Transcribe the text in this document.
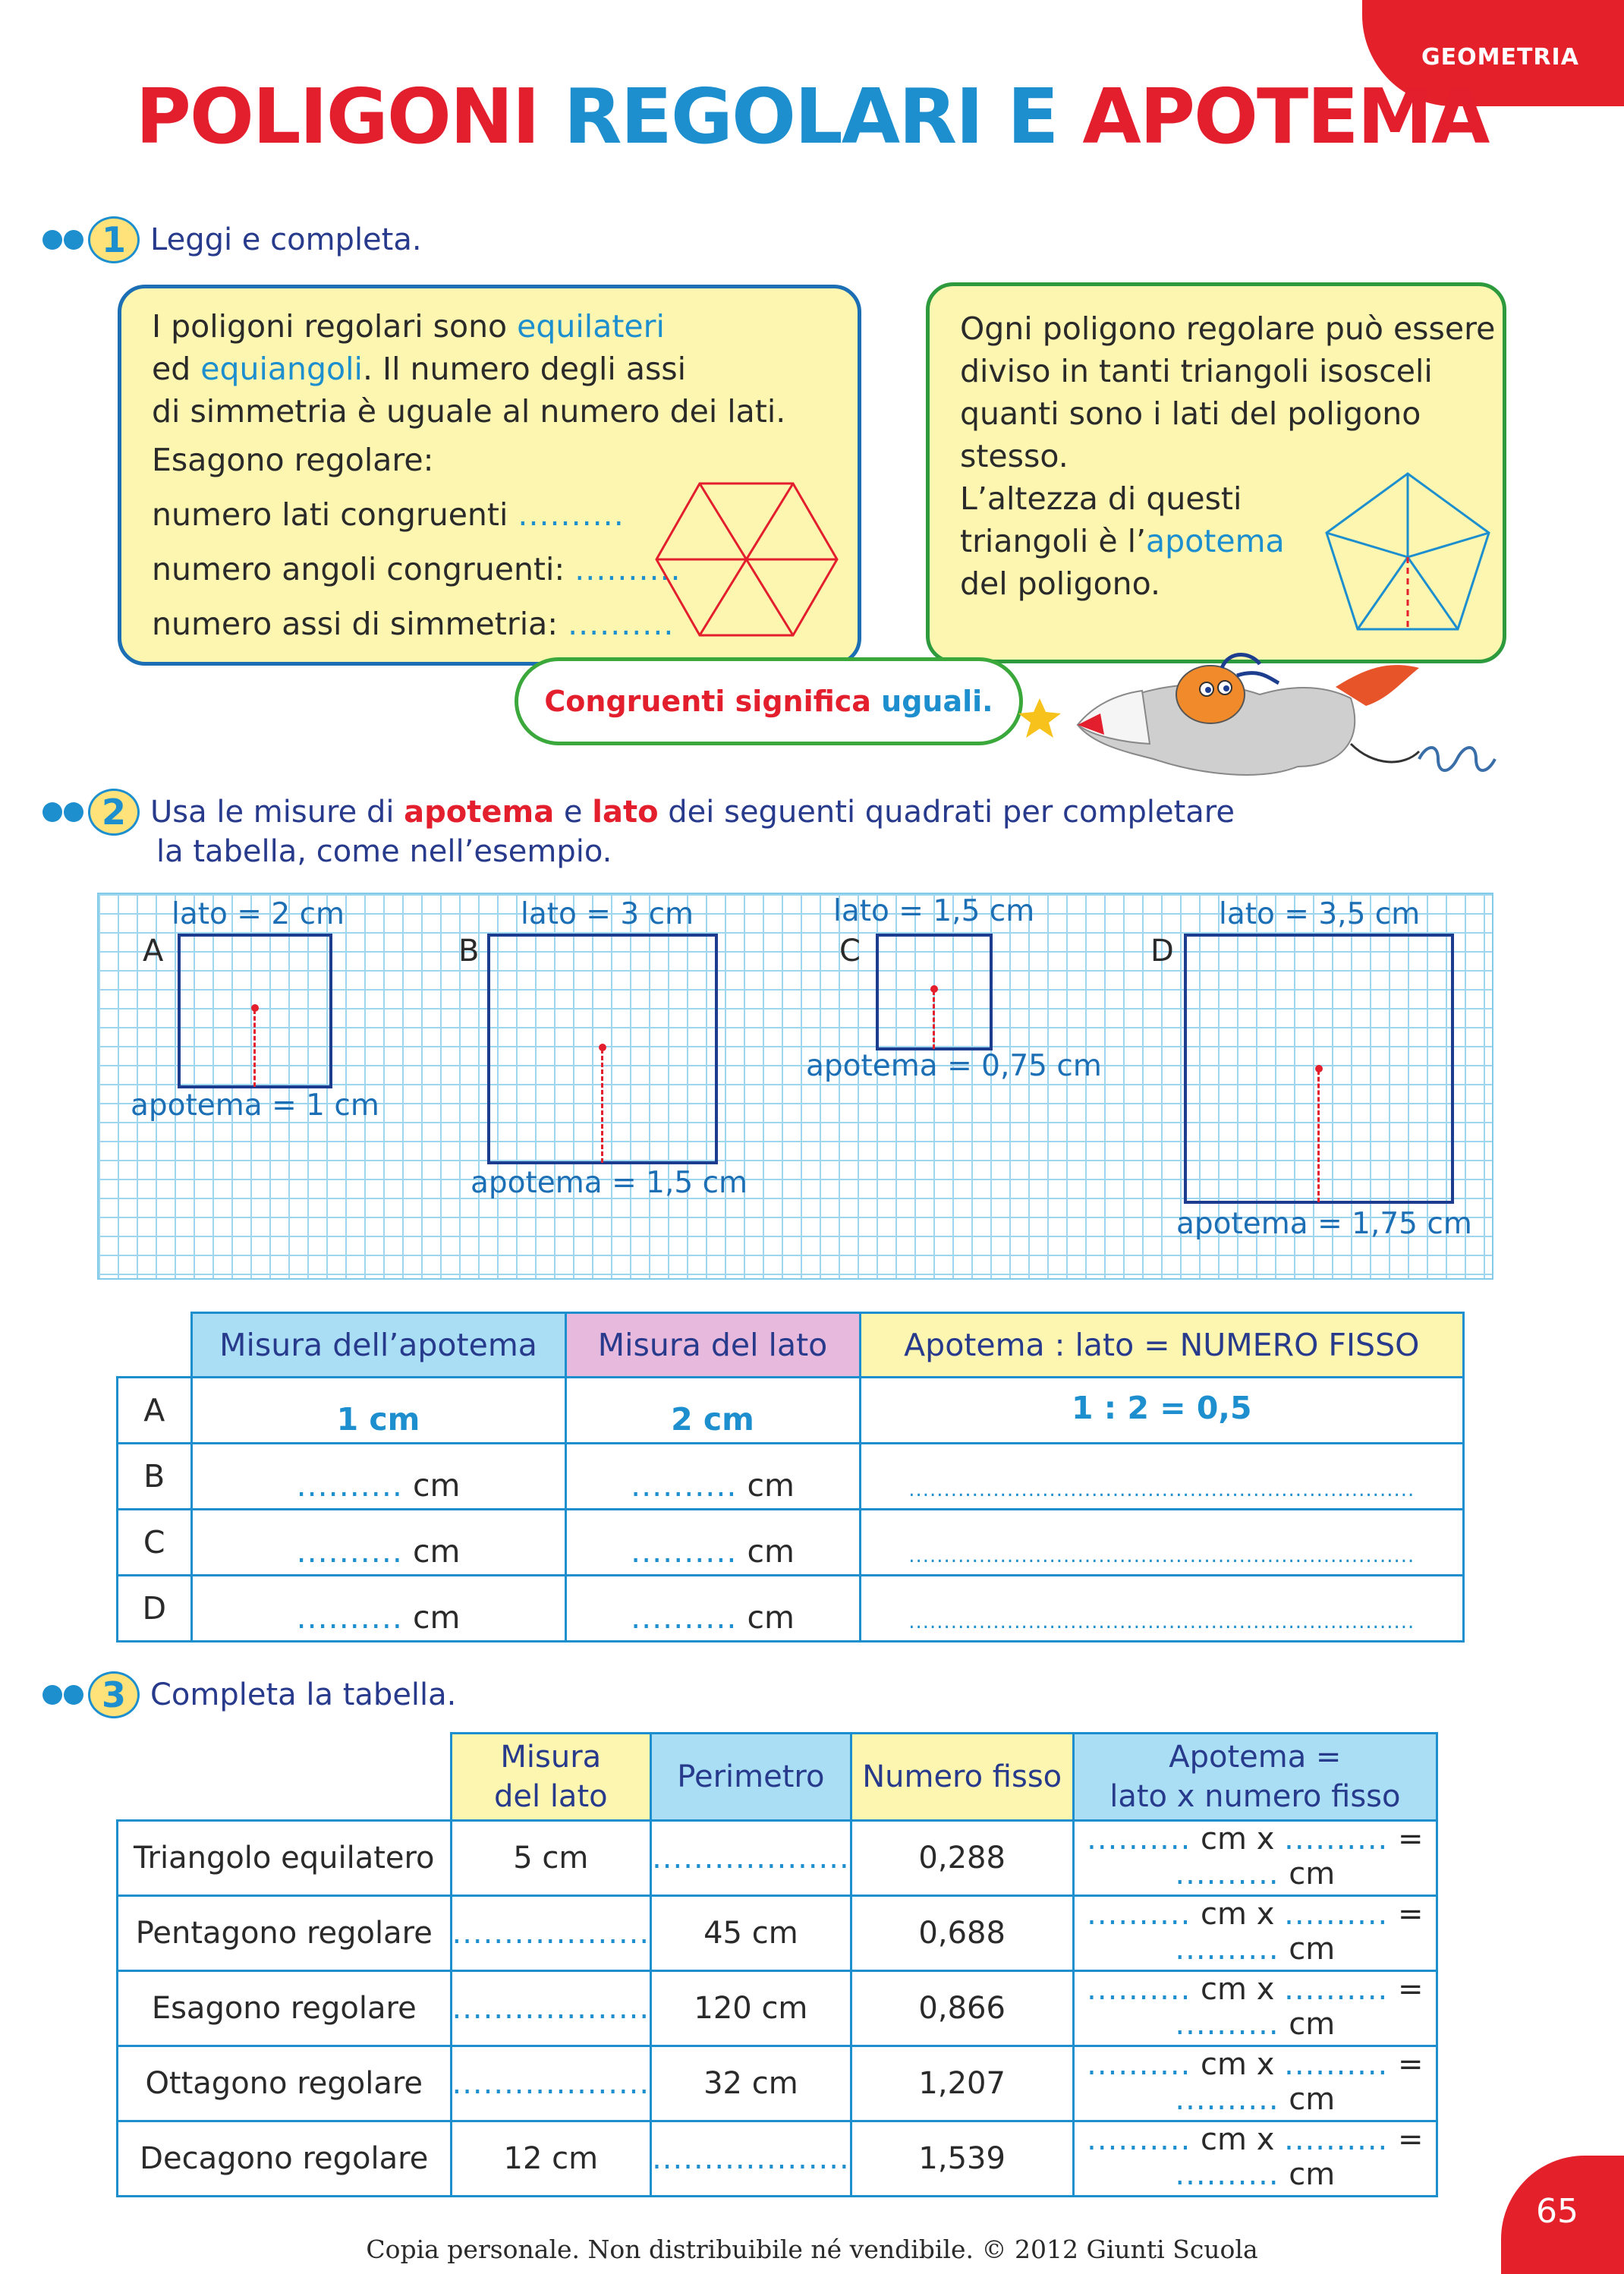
GEOMETRIA
65
POLIGONI REGOLARI E APOTEMA
1 Leggi e completa.
I poligoni regolari sono equilateri
ed equiangoli. Il numero degli assi
di simmetria è uguale al numero dei lati.
Esagono regolare:
numero lati congruenti ..........
numero angoli congruenti: ..........
numero assi di simmetria: ..........
Ogni poligono regolare può essere
diviso in tanti triangoli isosceli
quanti sono i lati del poligono
stesso.
L’altezza di questi
triangoli è l’apotema
del poligono.
Congruenti significa
uguali .
2 Usa le misure di apotema e lato dei seguenti quadrati per completare
la tabella, come nell’esempio.
A
lato = 2 cm
apotema = 1 cm
B
lato = 3 cm
apotema = 1,5 cm
C
lato = 1,5 cm
apotema = 0,75 cm
D
lato = 3,5 cm
apotema = 1,75 cm
	Misura dell’apotema	Misura del lato	Apotema : lato = NUMERO FISSO
A	1 cm	2 cm	1 : 2 = 0,5
B	.......... cm	.......... cm	........................................................................
C	.......... cm	.......... cm	........................................................................
D	.......... cm	.......... cm	........................................................................
3 Completa la tabella.
	Misura
del lato	Perimetro	Numero fisso	Apotema =
lato x numero fisso
Triangolo equilatero	5 cm	...................	0,288	.......... cm x .......... = .......... cm
Pentagono regolare	...................	45 cm	0,688	.......... cm x .......... = .......... cm
Esagono regolare	...................	120 cm	0,866	.......... cm x .......... = .......... cm
Ottagono regolare	...................	32 cm	1,207	.......... cm x .......... = .......... cm
Decagono regolare	12 cm	...................	1,539	.......... cm x .......... = .......... cm
Copia personale. Non distribuibile né vendibile. © 2012 Giunti Scuola
